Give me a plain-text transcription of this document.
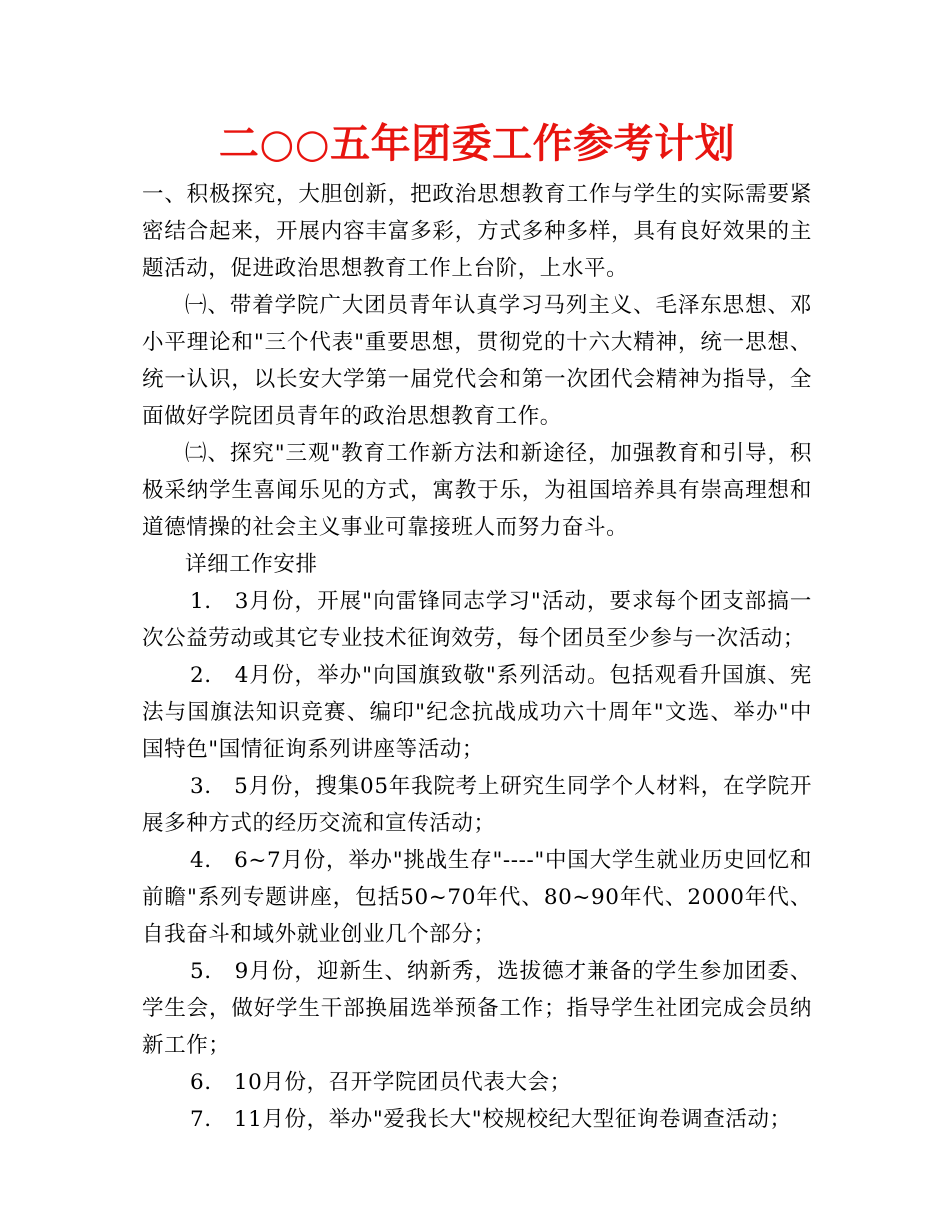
二○○五年团委工作参考计划

一、积极探究，大胆创新，把政治思想教育工作与学生的实际需要紧密结合起来，开展内容丰富多彩，方式多种多样，具有良好效果的主题活动，促进政治思想教育工作上台阶，上水平。

㈠、带着学院广大团员青年认真学习马列主义、毛泽东思想、邓小平理论和"三个代表"重要思想，贯彻党的十六大精神，统一思想、统一认识，以长安大学第一届党代会和第一次团代会精神为指导，全面做好学院团员青年的政治思想教育工作。

㈡、探究"三观"教育工作新方法和新途径，加强教育和引导，积极采纳学生喜闻乐见的方式，寓教于乐，为祖国培养具有崇高理想和道德情操的社会主义事业可靠接班人而努力奋斗。

详细工作安排

1.　3月份，开展"向雷锋同志学习"活动，要求每个团支部搞一次公益劳动或其它专业技术征询效劳，每个团员至少参与一次活动；

2.　4月份，举办"向国旗致敬"系列活动。包括观看升国旗、宪法与国旗法知识竞赛、编印"纪念抗战成功六十周年"文选、举办"中国特色"国情征询系列讲座等活动；

3.　5月份，搜集05年我院考上研究生同学个人材料，在学院开展多种方式的经历交流和宣传活动；

4.　6~7月份，举办"挑战生存"----"中国大学生就业历史回忆和前瞻"系列专题讲座，包括50~70年代、80~90年代、2000年代、自我奋斗和域外就业创业几个部分；

5.　9月份，迎新生、纳新秀，选拔德才兼备的学生参加团委、学生会，做好学生干部换届选举预备工作；指导学生社团完成会员纳新工作；

6.　10月份，召开学院团员代表大会；

7.　11月份，举办"爱我长大"校规校纪大型征询卷调查活动；
